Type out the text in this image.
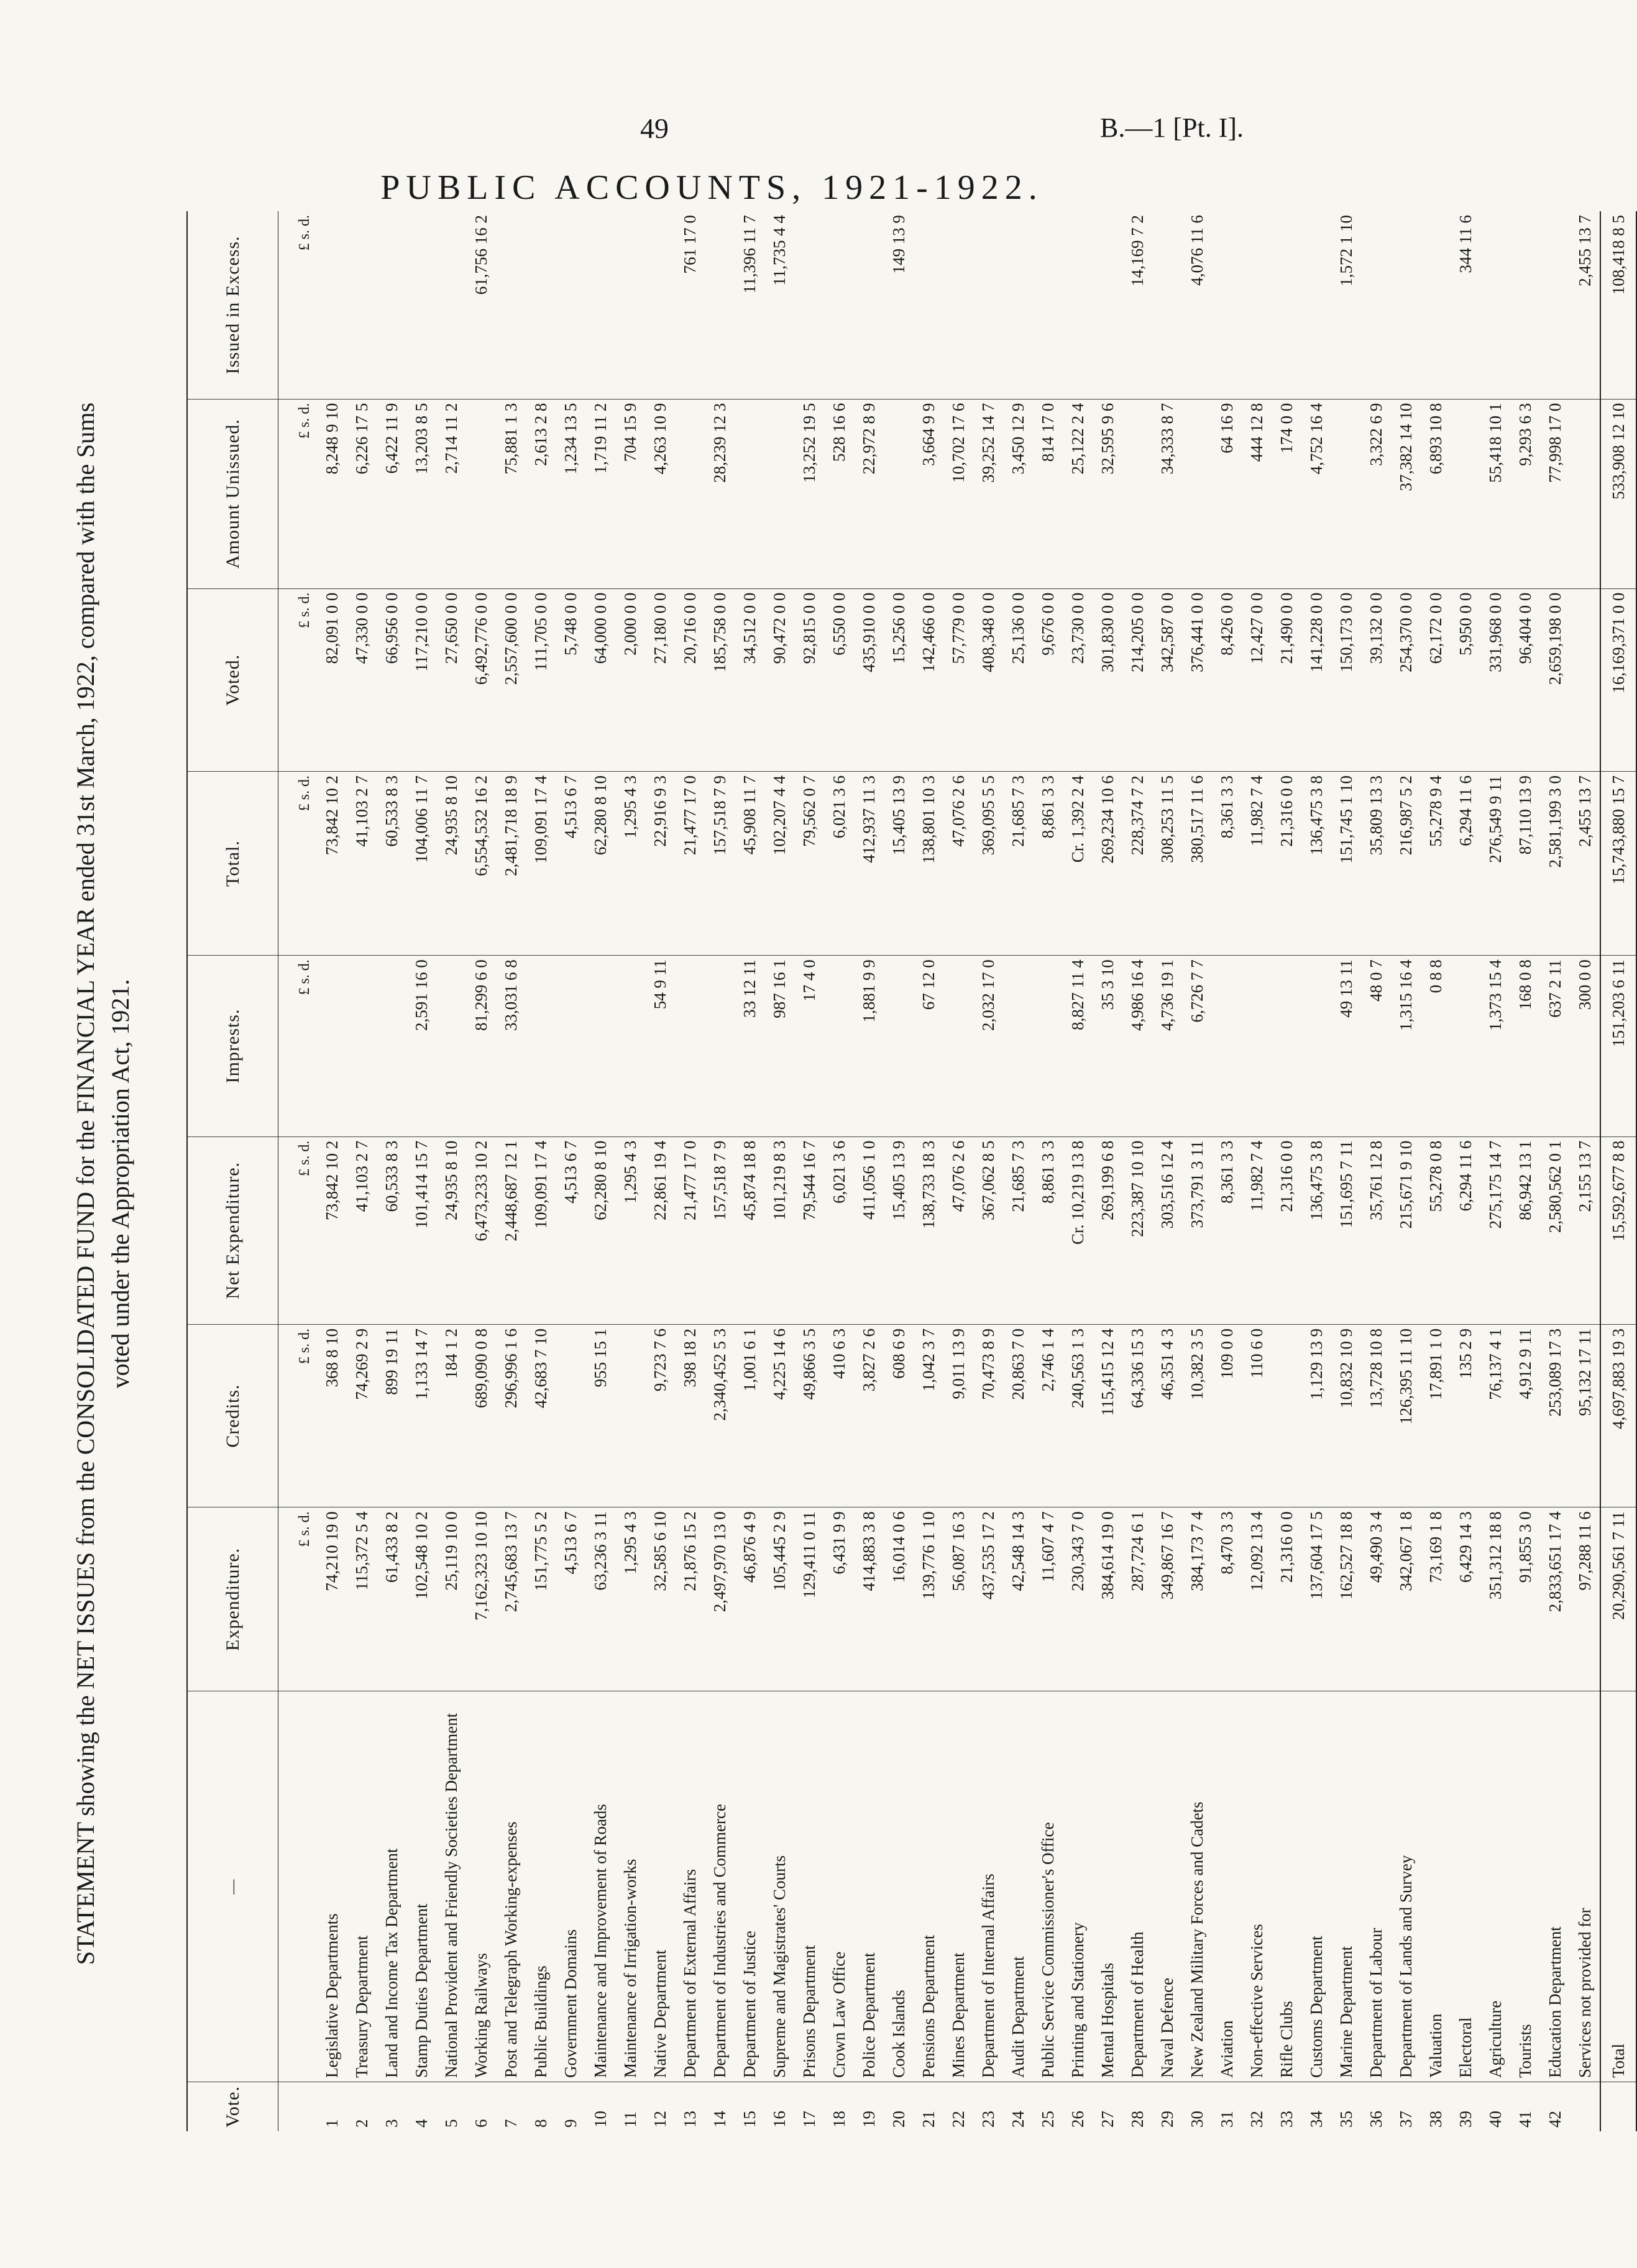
49	B.—1 [Pt. I].
PUBLIC ACCOUNTS, 1921-1922.
STATEMENT showing the NET ISSUES from the CONSOLIDATED FUND for the FINANCIAL YEAR ended 31st March, 1922, compared with the Sums voted under the Appropriation Act, 1921.
Vote.	—	Expenditure.	Credits.	Net Expenditure.	Imprests.	Total.	Voted.	Amount Unissued.	Issued in Excess.
		£ s. d.	£ s. d.	£ s. d.	£ s. d.	£ s. d.	£ s. d.	£ s. d.	£ s. d.
1	Legislative Departments	74,210 19 0	368 8 10	73,842 10 2		73,842 10 2	82,091 0 0	8,248 9 10	
2	Treasury Department	115,372 5 4	74,269 2 9	41,103 2 7		41,103 2 7	47,330 0 0	6,226 17 5	
3	Land and Income Tax Department	61,433 8 2	899 19 11	60,533 8 3		60,533 8 3	66,956 0 0	6,422 11 9	
4	Stamp Duties Department	102,548 10 2	1,133 14 7	101,414 15 7	2,591 16 0	104,006 11 7	117,210 0 0	13,203 8 5	
5	National Provident and Friendly Societies Department	25,119 10 0	184 1 2	24,935 8 10		24,935 8 10	27,650 0 0	2,714 11 2	
6	Working Railways	7,162,323 10 10	689,090 0 8	6,473,233 10 2	81,299 6 0	6,554,532 16 2	6,492,776 0 0		61,756 16 2
7	Post and Telegraph Working-expenses	2,745,683 13 7	296,996 1 6	2,448,687 12 1	33,031 6 8	2,481,718 18 9	2,557,600 0 0	75,881 1 3	
8	Public Buildings	151,775 5 2	42,683 7 10	109,091 17 4		109,091 17 4	111,705 0 0	2,613 2 8	
9	Government Domains	4,513 6 7		4,513 6 7		4,513 6 7	5,748 0 0	1,234 13 5	
10	Maintenance and Improvement of Roads	63,236 3 11	955 15 1	62,280 8 10		62,280 8 10	64,000 0 0	1,719 11 2	
11	Maintenance of Irrigation-works	1,295 4 3		1,295 4 3		1,295 4 3	2,000 0 0	704 15 9	
12	Native Department	32,585 6 10	9,723 7 6	22,861 19 4	54 9 11	22,916 9 3	27,180 0 0	4,263 10 9	
13	Department of External Affairs	21,876 15 2	398 18 2	21,477 17 0		21,477 17 0	20,716 0 0		761 17 0
14	Department of Industries and Commerce	2,497,970 13 0	2,340,452 5 3	157,518 7 9		157,518 7 9	185,758 0 0	28,239 12 3	
15	Department of Justice	46,876 4 9	1,001 6 1	45,874 18 8	33 12 11	45,908 11 7	34,512 0 0		11,396 11 7
16	Supreme and Magistrates' Courts	105,445 2 9	4,225 14 6	101,219 8 3	987 16 1	102,207 4 4	90,472 0 0		11,735 4 4
17	Prisons Department	129,411 0 11	49,866 3 5	79,544 16 7	17 4 0	79,562 0 7	92,815 0 0	13,252 19 5	
18	Crown Law Office	6,431 9 9	410 6 3	6,021 3 6		6,021 3 6	6,550 0 0	528 16 6	
19	Police Department	414,883 3 8	3,827 2 6	411,056 1 0	1,881 9 9	412,937 11 3	435,910 0 0	22,972 8 9	
20	Cook Islands	16,014 0 6	608 6 9	15,405 13 9		15,405 13 9	15,256 0 0		149 13 9
21	Pensions Department	139,776 1 10	1,042 3 7	138,733 18 3	67 12 0	138,801 10 3	142,466 0 0	3,664 9 9	
22	Mines Department	56,087 16 3	9,011 13 9	47,076 2 6		47,076 2 6	57,779 0 0	10,702 17 6	
23	Department of Internal Affairs	437,535 17 2	70,473 8 9	367,062 8 5	2,032 17 0	369,095 5 5	408,348 0 0	39,252 14 7	
24	Audit Department	42,548 14 3	20,863 7 0	21,685 7 3		21,685 7 3	25,136 0 0	3,450 12 9	
25	Public Service Commissioner's Office	11,607 4 7	2,746 1 4	8,861 3 3		8,861 3 3	9,676 0 0	814 17 0	
26	Printing and Stationery	230,343 7 0	240,563 1 3	Cr. 10,219 13 8	8,827 11 4	Cr. 1,392 2 4	23,730 0 0	25,122 2 4	
27	Mental Hospitals	384,614 19 0	115,415 12 4	269,199 6 8	35 3 10	269,234 10 6	301,830 0 0	32,595 9 6	
28	Department of Health	287,724 6 1	64,336 15 3	223,387 10 10	4,986 16 4	228,374 7 2	214,205 0 0		14,169 7 2
29	Naval Defence	349,867 16 7	46,351 4 3	303,516 12 4	4,736 19 1	308,253 11 5	342,587 0 0	34,333 8 7	
30	New Zealand Military Forces and Cadets	384,173 7 4	10,382 3 5	373,791 3 11	6,726 7 7	380,517 11 6	376,441 0 0		4,076 11 6
31	Aviation	8,470 3 3	109 0 0	8,361 3 3		8,361 3 3	8,426 0 0	64 16 9	
32	Non-effective Services	12,092 13 4	110 6 0	11,982 7 4		11,982 7 4	12,427 0 0	444 12 8	
33	Rifle Clubs	21,316 0 0		21,316 0 0		21,316 0 0	21,490 0 0	174 0 0	
34	Customs Department	137,604 17 5	1,129 13 9	136,475 3 8		136,475 3 8	141,228 0 0	4,752 16 4	
35	Marine Department	162,527 18 8	10,832 10 9	151,695 7 11	49 13 11	151,745 1 10	150,173 0 0		1,572 1 10
36	Department of Labour	49,490 3 4	13,728 10 8	35,761 12 8	48 0 7	35,809 13 3	39,132 0 0	3,322 6 9	
37	Department of Lands and Survey	342,067 1 8	126,395 11 10	215,671 9 10	1,315 16 4	216,987 5 2	254,370 0 0	37,382 14 10	
38	Valuation	73,169 1 8	17,891 1 0	55,278 0 8	0 8 8	55,278 9 4	62,172 0 0	6,893 10 8	
39	Electoral	6,429 14 3	135 2 9	6,294 11 6		6,294 11 6	5,950 0 0		344 11 6
40	Agriculture	351,312 18 8	76,137 4 1	275,175 14 7	1,373 15 4	276,549 9 11	331,968 0 0	55,418 10 1	
41	Tourists	91,855 3 0	4,912 9 11	86,942 13 1	168 0 8	87,110 13 9	96,404 0 0	9,293 6 3	
42	Education Department	2,833,651 17 4	253,089 17 3	2,580,562 0 1	637 2 11	2,581,199 3 0	2,659,198 0 0	77,998 17 0	
	Services not provided for	97,288 11 6	95,132 17 11	2,155 13 7	300 0 0	2,455 13 7			2,455 13 7
	Total	20,290,561 7 11	4,697,883 19 3	15,592,677 8 8	151,203 6 11	15,743,880 15 7	16,169,371 0 0	533,908 12 10	108,418 8 5
